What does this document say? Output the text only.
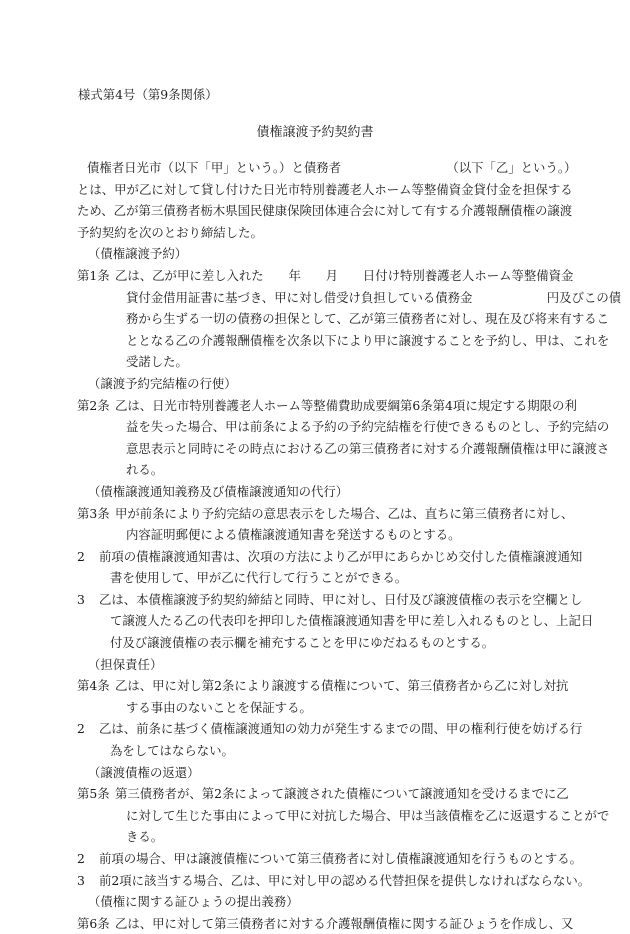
様式第4号（第9条関係）
債権譲渡予約契約書
債権者日光市（以下「甲」という。）と債務者　　　　　　　　　（以下「乙」という。）
とは、甲が乙に対して貸し付けた日光市特別養護老人ホーム等整備資金貸付金を担保する
ため、乙が第三債務者栃木県国民健康保険団体連合会に対して有する介護報酬債権の譲渡
予約契約を次のとおり締結した。
（債権譲渡予約）
第1条 乙は、乙が甲に差し入れた　　年　　月　　日付け特別養護老人ホーム等整備資金
貸付金借用証書に基づき、甲に対し借受け負担している債務金　　　　　　円及びこの債
務から生ずる一切の債務の担保として、乙が第三債務者に対し、現在及び将来有するこ
ととなる乙の介護報酬債権を次条以下により甲に譲渡することを予約し、甲は、これを
受諾した。
（譲渡予約完結権の行使）
第2条 乙は、日光市特別養護老人ホーム等整備費助成要綱第6条第4項に規定する期限の利
益を失った場合、甲は前条による予約の予約完結権を行使できるものとし、予約完結の
意思表示と同時にその時点における乙の第三債務者に対する介護報酬債権は甲に譲渡さ
れる。
（債権譲渡通知義務及び債権譲渡通知の代行）
第3条 甲が前条により予約完結の意思表示をした場合、乙は、直ちに第三債務者に対し、
内容証明郵便による債権譲渡通知書を発送するものとする。
2	前項の債権譲渡通知書は、次項の方法により乙が甲にあらかじめ交付した債権譲渡通知
書を使用して、甲が乙に代行して行うことができる。
3	乙は、本債権譲渡予約契約締結と同時、甲に対し、日付及び譲渡債権の表示を空欄とし
て譲渡人たる乙の代表印を押印した債権譲渡通知書を甲に差し入れるものとし、上記日
付及び譲渡債権の表示欄を補充することを甲にゆだねるものとする。
（担保責任）
第4条 乙は、甲に対し第2条により譲渡する債権について、第三債務者から乙に対し対抗
する事由のないことを保証する。
2	乙は、前条に基づく債権譲渡通知の効力が発生するまでの間、甲の権利行使を妨げる行
為をしてはならない。
（譲渡債権の返還）
第5条 第三債務者が、第2条によって譲渡された債権について譲渡通知を受けるまでに乙
に対して生じた事由によって甲に対抗した場合、甲は当該債権を乙に返還することがで
きる。
2	前項の場合、甲は譲渡債権について第三債務者に対し債権譲渡通知を行うものとする。
3	前2項に該当する場合、乙は、甲に対し甲の認める代替担保を提供しなければならない。
（債権に関する証ひょうの提出義務）
第6条 乙は、甲に対して第三債務者に対する介護報酬債権に関する証ひょうを作成し、又
